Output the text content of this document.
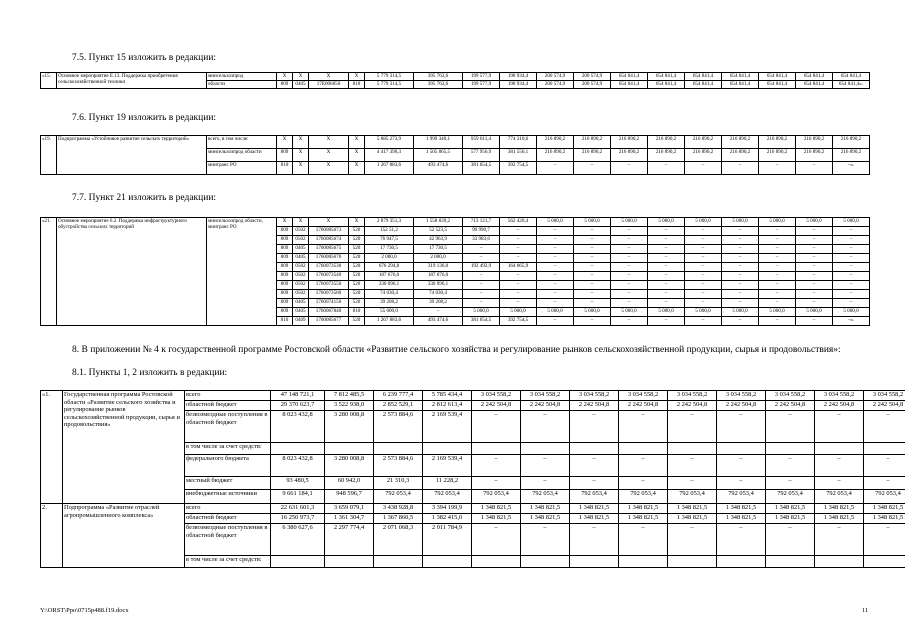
7.5. Пункт 15 изложить в редакции:
«15.	Основное мероприятие Е.13. Поддержка приобретения сельскохозяйственной техники	минсельхозпрод	X	X	X	X	5 779 314,5	395 762,6	199 577,9	198 934,4	200 574,9	200 574,9	654 841,4	654 841,4	654 841,4	654 841,4	654 841,4	654 841,4	654 841,4
		области	809	0405	17Е006850	810	5 779 314,5	395 762,6	199 577,9	198 934,4	200 574,9	200 574,9	654 841,4	654 841,4	654 841,4	654 841,4	654 841,4	654 841,4	654 841,4».
7.6. Пункт 19 изложить в редакции:
«19.	Подпрограмма «Устойчивое развитие сельских территорий»	всего, в том числе:	X	X	X	X	5 685 273,9	1 999 340,1	959 611,4	774 310,6	216 890,2	216 890,2	216 890,2	216 890,2	216 890,2	216 890,2	216 890,2	216 890,2	216 890,2
		минсельхозпрод области	809	X	X	X	4 417 390,3	1 505 865,5	577 956,9	381 556,1	216 890,2	216 890,2	216 890,2	216 890,2	216 890,2	216 890,2	216 890,2	216 890,2	216 890,2
		минтранс РО	810	X	X	X	1 267 883,6	493 474,6	381 654,5	392 754,5	–	–	–	–	–	–	–	–	–».
7.7. Пункт 21 изложить в редакции:
«21.	Основное мероприятие 6.2. Поддержка инфраструктурного обустройства сельских территорий	минсельхозпрод области, минтранс РО	X	X	X	X	2 879 351,3	1 558 839,2	713 121,7	562 420,4	5 000,0	5 000,0	5 000,0	5 000,0	5 000,0	5 000,0	5 000,0	5 000,0	5 000,0
			809	0502	1760085673	520	152 51,2	52 523,5	99 990,7	–	–	–	–	–	–	–	–	–	–
			809	0502	1760085674	520	76 947,5	42 963,9	33 983,6	–	–	–	–	–	–	–	–	–	–
			809	0405	1760085675	520	17 730,5	17 730,5	–	–	–	–	–	–	–	–	–	–	–
			809	0405	1760085676	520	2 000,0	2 000,0	–	–	–	–	–	–	–	–	–	–	–
			809	0502	1760073530	520	676 294,8	319 136,0	192 492,9	164 665,9	–	–	–	–	–	–	–	–	–
			809	0502	1760073540	520	187 676,0	187 676,0	–	–	–	–	–	–	–	–	–	–	–
			809	0502	1760073550	520	330 096,1	330 096,1	–	–	–	–	–	–	–	–	–	–	–
			809	0502	1760073560	520	74 030,4	74 030,4	–	–	–	–	–	–	–	–	–	–	–
			809	0405	1760074150	520	39 208,2	39 208,2	–	–	–	–	–	–	–	–	–	–	–
			809	0405	1760067840	810	55 000,0	–	5 000,0	5 000,0	5 000,0	5 000,0	5 000,0	5 000,0	5 000,0	5 000,0	5 000,0	5 000,0	5 000,0
			810	0409	1760085677	520	1 267 883,6	493 474,6	381 654,5	392 754,5	–	–	–	–	–	–	–	–	–».
8. В приложении № 4 к государственной программе Ростовской области «Развитие сельского хозяйства и регулирование рынков сельскохозяйственной продукции, сырья и продовольствия»:
8.1. Пункты 1, 2 изложить в редакции:
«1.	Государственная программа Ростовской области «Развитие сельского хозяйства и регулирование рынков сельскохозяйственной продукции, сырья и продовольствия»	всего	47 148 721,1	7 812 485,5	6 239 777,4	5 785 434,4	3 034 558,2	3 034 558,2	3 034 558,2	3 034 558,2	3 034 558,2	3 034 558,2	3 034 558,2	3 034 558,2	3 034 558,2
		областной бюджет	29 370 623,7	3 522 938,0	2 852 529,1	2 812 613,4	2 242 504,8	2 242 504,8	2 242 504,8	2 242 504,8	2 242 504,8	2 242 504,8	2 242 504,8	2 242 504,8	2 242 504,8
		безвозмездные поступления в областной бюджет	8 023 432,8	3 280 008,8	2 573 884,6	2 169 539,4	–	–	–	–	–	–	–	–	–
		в том числе за счет средств:													
		федерального бюджета	8 023 432,8	3 280 008,8	2 573 884,6	2 169 539,4	–	–	–	–	–	–	–	–	–
		местный бюджет	93 480,5	60 942,0	21 310,3	11 228,2	–	–	–	–	–	–	–	–	–
		внебюджетные источники	9 661 184,1	948 596,7	792 053,4	792 053,4	792 053,4	792 053,4	792 053,4	792 053,4	792 053,4	792 053,4	792 053,4	792 053,4	792 053,4
2.	Подпрограмма «Развитие отраслей агропромышленного комплекса»	всего	22 631 601,3	3 659 079,1	3 438 928,8	3 394 199,9	1 348 821,5	1 348 821,5	1 348 821,5	1 348 821,5	1 348 821,5	1 348 821,5	1 348 821,5	1 348 821,5	1 348 821,5
		областной бюджет	16 250 973,7	1 361 304,7	1 367 860,5	1 382 415,0	1 348 821,5	1 348 821,5	1 348 821,5	1 348 821,5	1 348 821,5	1 348 821,5	1 348 821,5	1 348 821,5	1 348 821,5
		безвозмездные поступления в областной бюджет	6 380 627,6	2 297 774,4	2 071 068,3	2 011 784,9	–	–	–	–	–	–	–	–	–
		в том числе за счет средств:													
Y:\ORST\Ppo\0715p488.f19.docx	11
